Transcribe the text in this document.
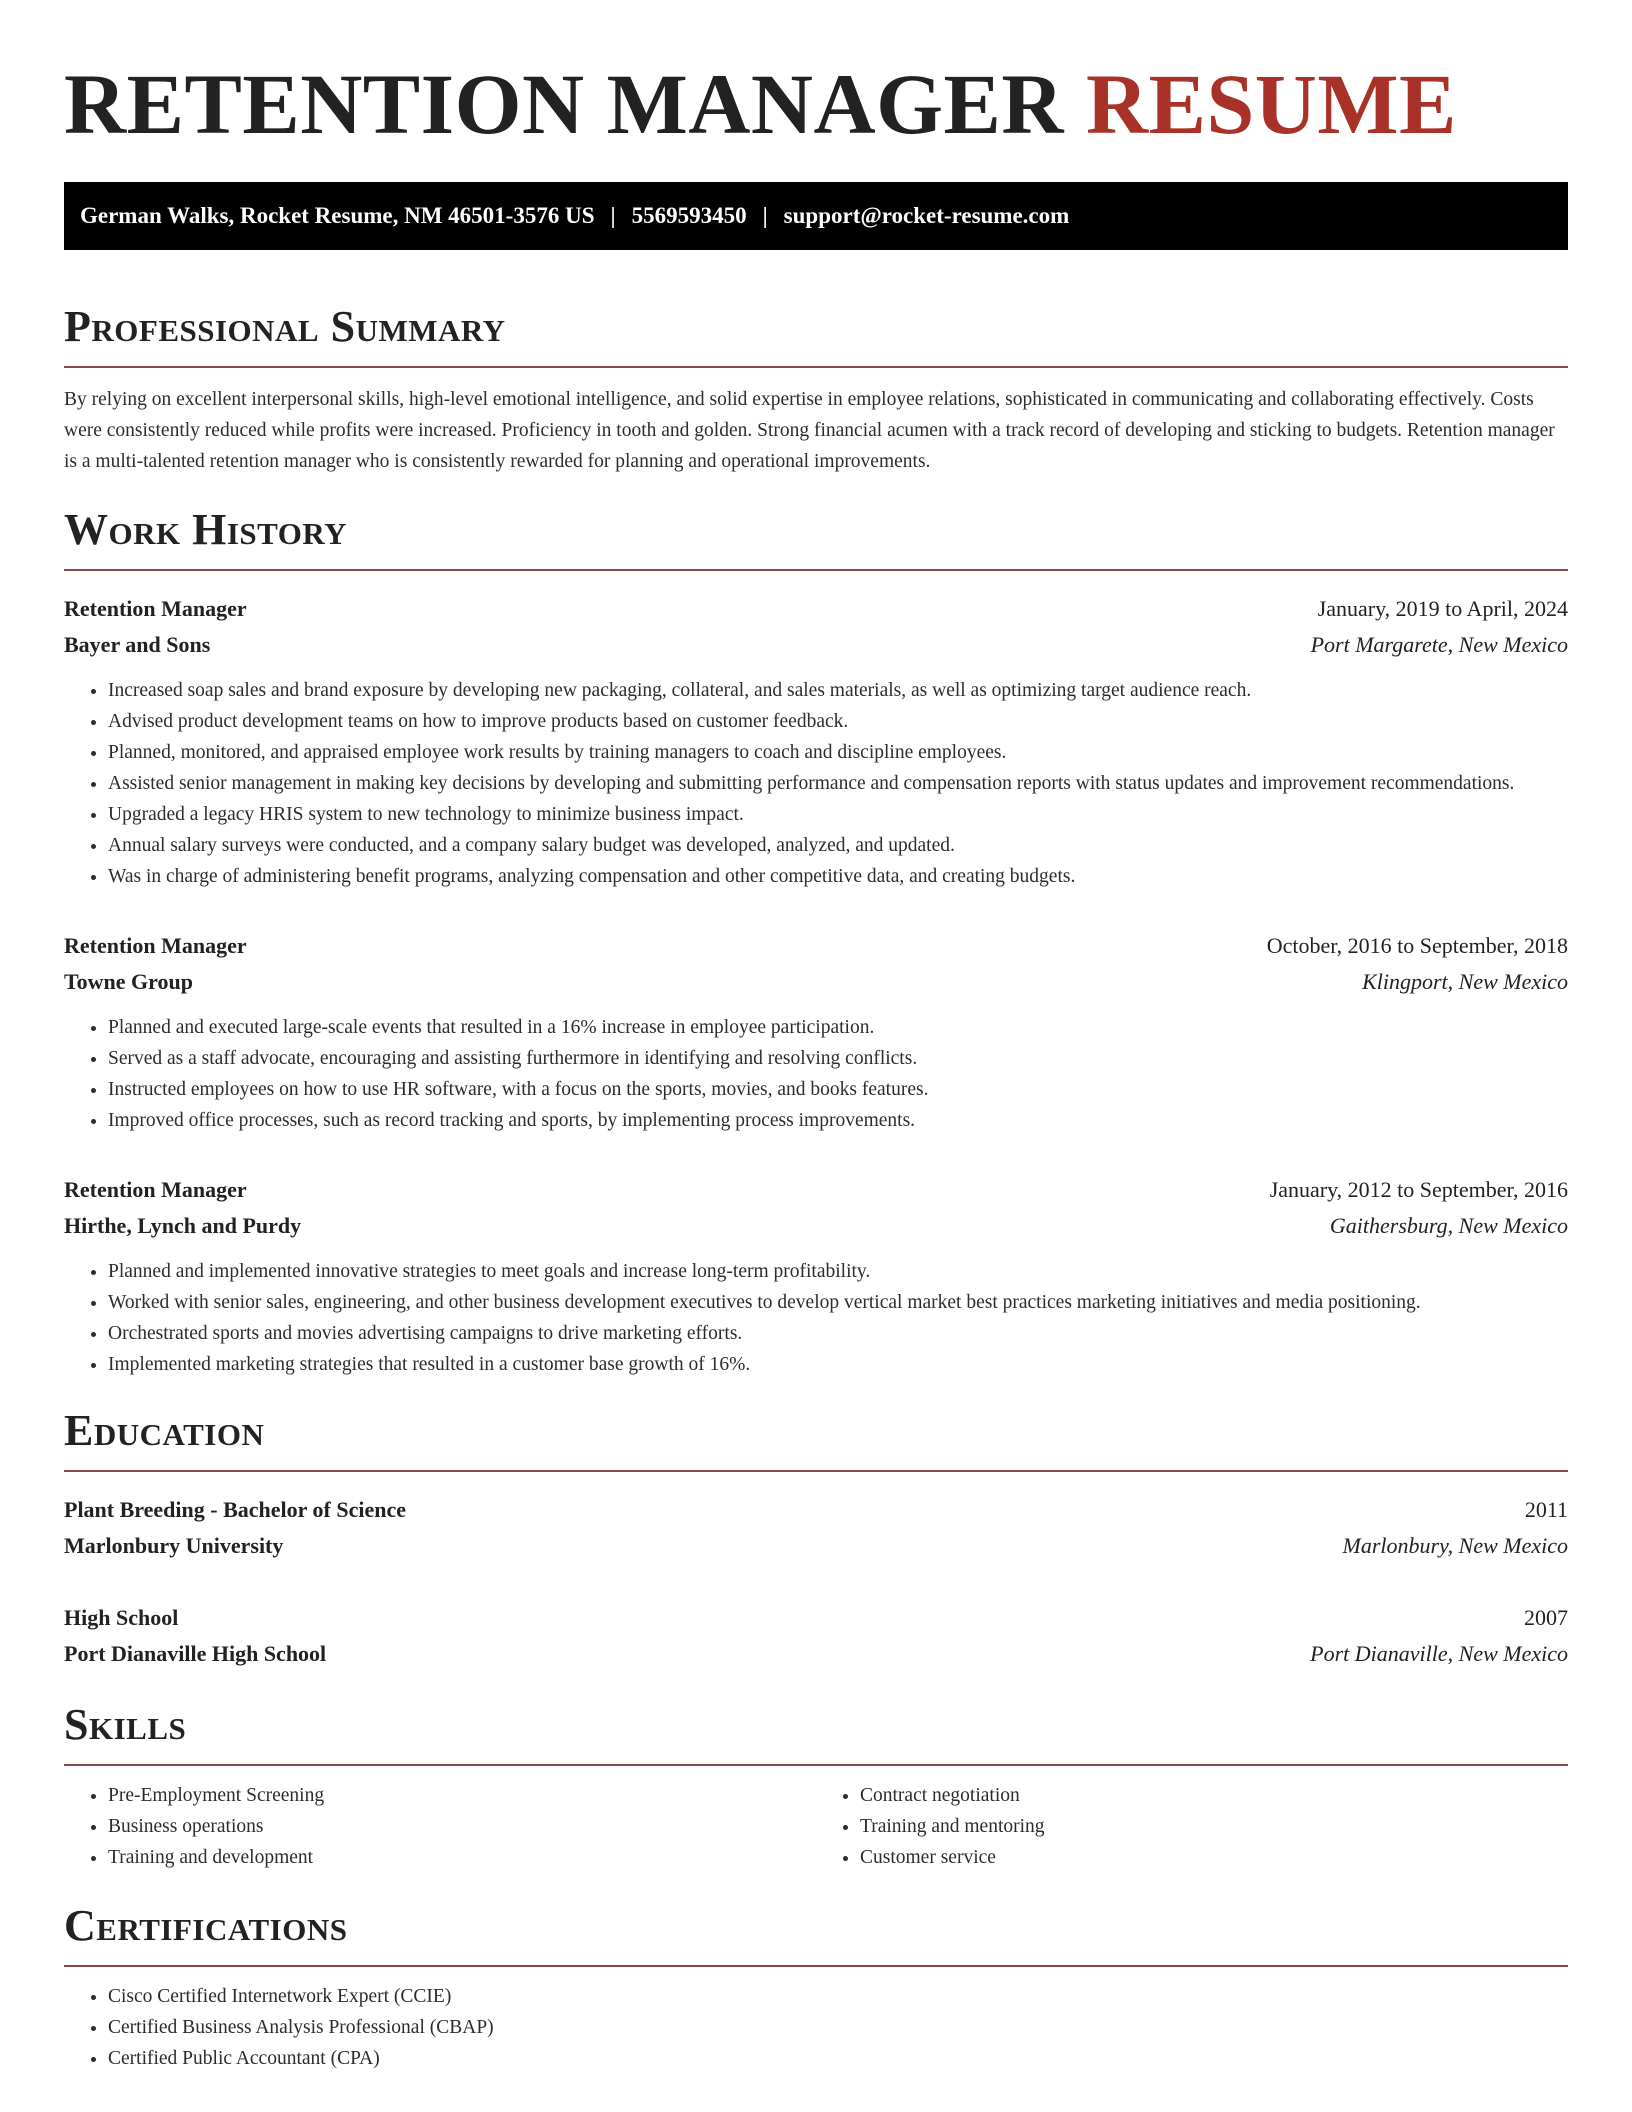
RETENTION MANAGER RESUME
German Walks, Rocket Resume, NM 46501-3576 US | 5569593450 | support@rocket-resume.com
Professional Summary

By relying on excellent interpersonal skills, high-level emotional intelligence, and solid expertise in employee relations, sophisticated in communicating and collaborating effectively. Costs were consistently reduced while profits were increased. Proficiency in tooth and golden. Strong financial acumen with a track record of developing and sticking to budgets. Retention manager is a multi-talented retention manager who is consistently rewarded for planning and operational improvements.

Work History
Retention Manager	January, 2019 to April, 2024
Bayer and Sons	Port Margarete, New Mexico
• Increased soap sales and brand exposure by developing new packaging, collateral, and sales materials, as well as optimizing target audience reach.
• Advised product development teams on how to improve products based on customer feedback.
• Planned, monitored, and appraised employee work results by training managers to coach and discipline employees.
• Assisted senior management in making key decisions by developing and submitting performance and compensation reports with status updates and improvement recommendations.
• Upgraded a legacy HRIS system to new technology to minimize business impact.
• Annual salary surveys were conducted, and a company salary budget was developed, analyzed, and updated.
• Was in charge of administering benefit programs, analyzing compensation and other competitive data, and creating budgets.
Retention Manager	October, 2016 to September, 2018
Towne Group	Klingport, New Mexico
• Planned and executed large-scale events that resulted in a 16% increase in employee participation.
• Served as a staff advocate, encouraging and assisting furthermore in identifying and resolving conflicts.
• Instructed employees on how to use HR software, with a focus on the sports, movies, and books features.
• Improved office processes, such as record tracking and sports, by implementing process improvements.
Retention Manager	January, 2012 to September, 2016
Hirthe, Lynch and Purdy	Gaithersburg, New Mexico
• Planned and implemented innovative strategies to meet goals and increase long-term profitability.
• Worked with senior sales, engineering, and other business development executives to develop vertical market best practices marketing initiatives and media positioning.
• Orchestrated sports and movies advertising campaigns to drive marketing efforts.
• Implemented marketing strategies that resulted in a customer base growth of 16%.
Education
Plant Breeding - Bachelor of Science	2011
Marlonbury University	Marlonbury, New Mexico
High School	2007
Port Dianaville High School	Port Dianaville, New Mexico
Skills
• Pre-Employment Screening
• Business operations
• Training and development
• Contract negotiation
• Training and mentoring
• Customer service
Certifications
• Cisco Certified Internetwork Expert (CCIE)
• Certified Business Analysis Professional (CBAP)
• Certified Public Accountant (CPA)
